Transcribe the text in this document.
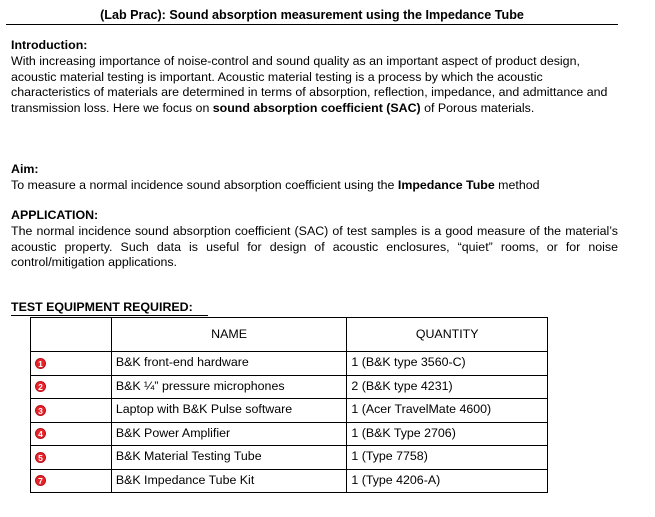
(Lab Prac): Sound absorption measurement using the Impedance Tube

Introduction:

With increasing importance of noise-control and sound quality as an important aspect of product design, acoustic material testing is important. Acoustic material testing is a process by which the acoustic characteristics of materials are determined in terms of absorption, reflection, impedance, and admittance and transmission loss. Here we focus on sound absorption coefficient (SAC) of Porous materials.

Aim:

To measure a normal incidence sound absorption coefficient using the Impedance Tube method

APPLICATION:

The normal incidence sound absorption coefficient (SAC) of test samples is a good measure of the material’s acoustic property. Such data is useful for design of acoustic enclosures, “quiet” rooms, or for noise control/mitigation applications.

TEST EQUIPMENT REQUIRED:
	NAME	QUANTITY
1	B&K front-end hardware	1 (B&K type 3560-C)
2	B&K ¼” pressure microphones	2 (B&K type 4231)
3	Laptop with B&K Pulse software	1 (Acer TravelMate 4600)
4	B&K Power Amplifier	1 (B&K Type 2706)
5	B&K Material Testing Tube	1 (Type 7758)
7	B&K Impedance Tube Kit	1 (Type 4206-A)
